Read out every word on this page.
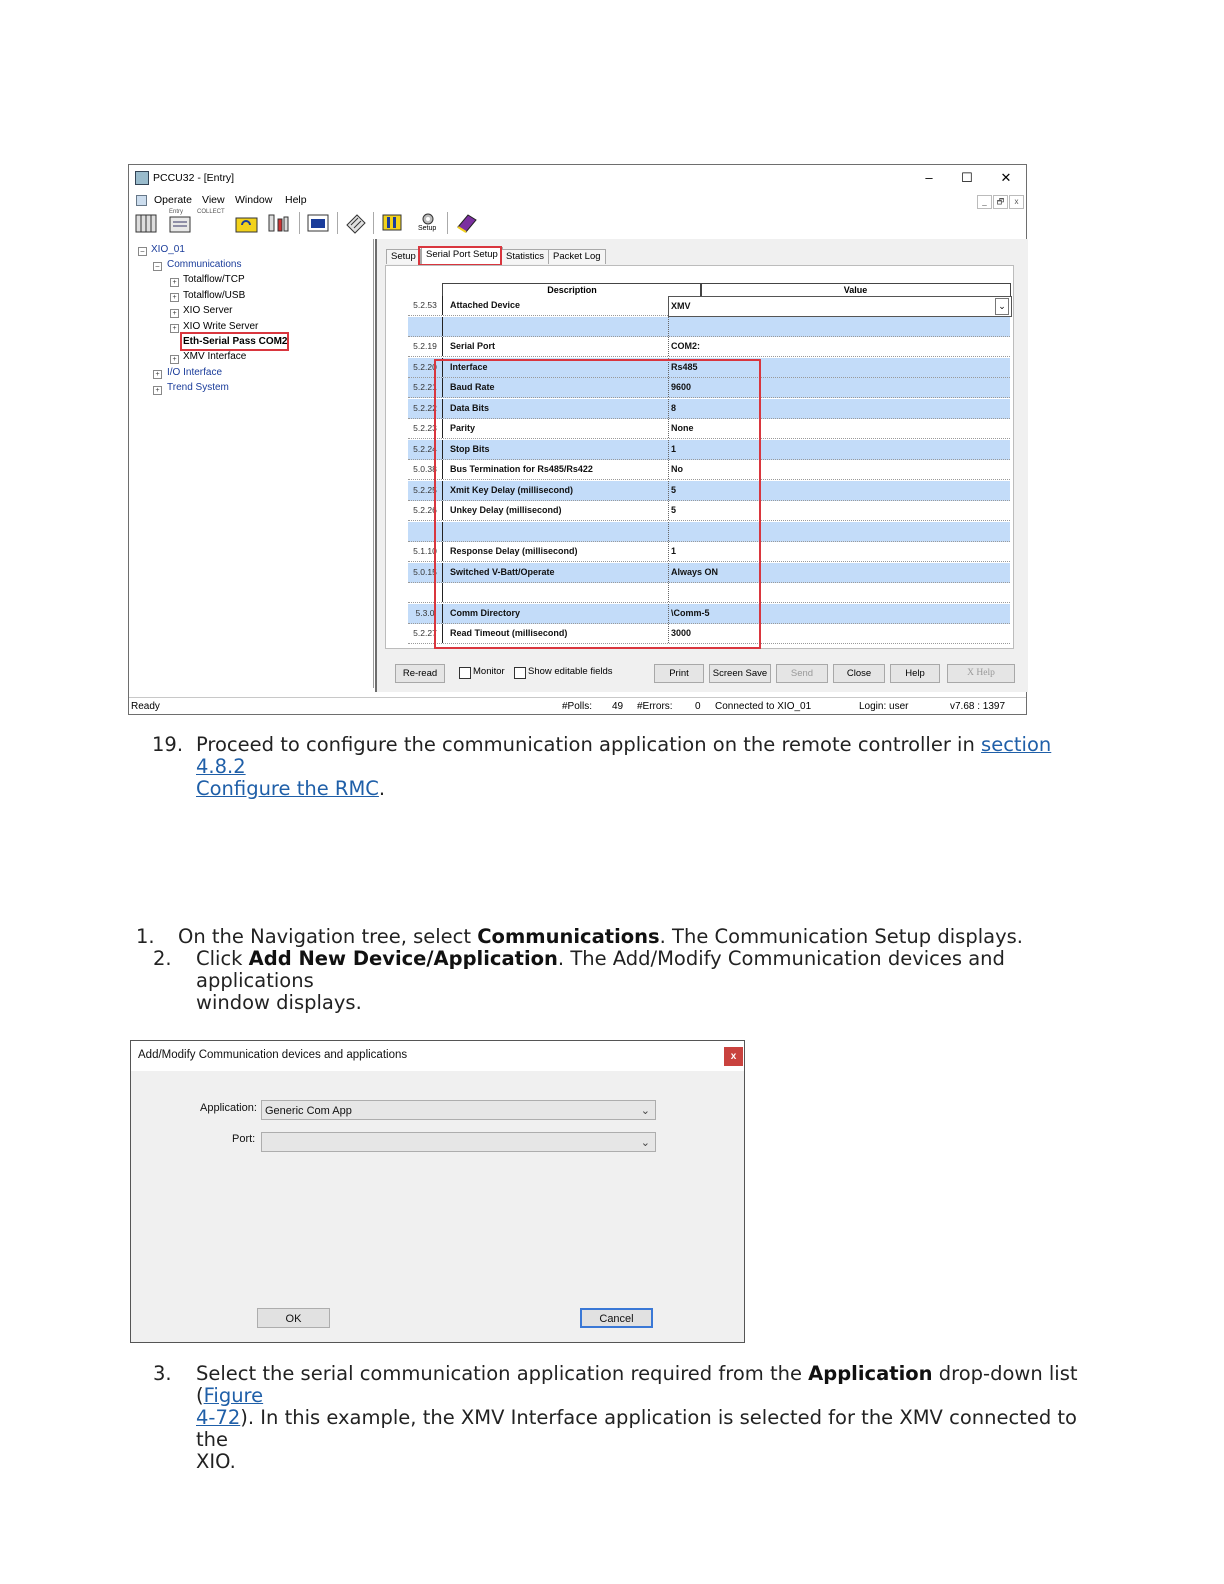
PCCU32 - [Entry]	–	☐	✕
Operate View Window Help	_	🗗	x
Entry COLLECT
Setup
– XIO_01
– Communications
+ Totalflow/TCP
+ Totalflow/USB
+ XIO Server
+ XIO Write Server
Eth-Serial Pass COM2
+ XMV Interface
+ I/O Interface
+ Trend System
Setup	Serial Port Setup Statistics Packet Log
Description	Value
5.2.53	Attached Device	XMV
5.2.19	Serial Port	COM2:
5.2.20	Interface	Rs485
5.2.21	Baud Rate	9600
5.2.22	Data Bits	8
5.2.23	Parity	None
5.2.24	Stop Bits	1
5.0.38	Bus Termination for Rs485/Rs422	No
5.2.25	Xmit Key Delay (millisecond)	5
5.2.26	Unkey Delay (millisecond)	5
5.1.10	Response Delay (millisecond)	1
5.0.15	Switched V-Batt/Operate	Always ON
5.3.0	Comm Directory	\Comm-5
5.2.27	Read Timeout (millisecond)	3000
⌄
Re-read	Monitor Show editable fields	Print	Screen Save	Send	Close	Help	X Help
Ready	#Polls: 49 #Errors: 0 Connected to XIO_01	Login: user	v7.68 : 1397
19. Proceed to configure the communication application on the remote controller in section 4.8.2
Configure the RMC.
1. On the Navigation tree, select Communications. The Communication Setup displays.
2. Click Add New Device/Application. The Add/Modify Communication devices and applications
window displays.
Add/Modify Communication devices and applications	x
Application: Generic Com App	⌄
Port:	⌄
OK	Cancel
3. Select the serial communication application required from the Application drop-down list (Figure
4-72). In this example, the XMV Interface application is selected for the XMV connected to the
XIO.
